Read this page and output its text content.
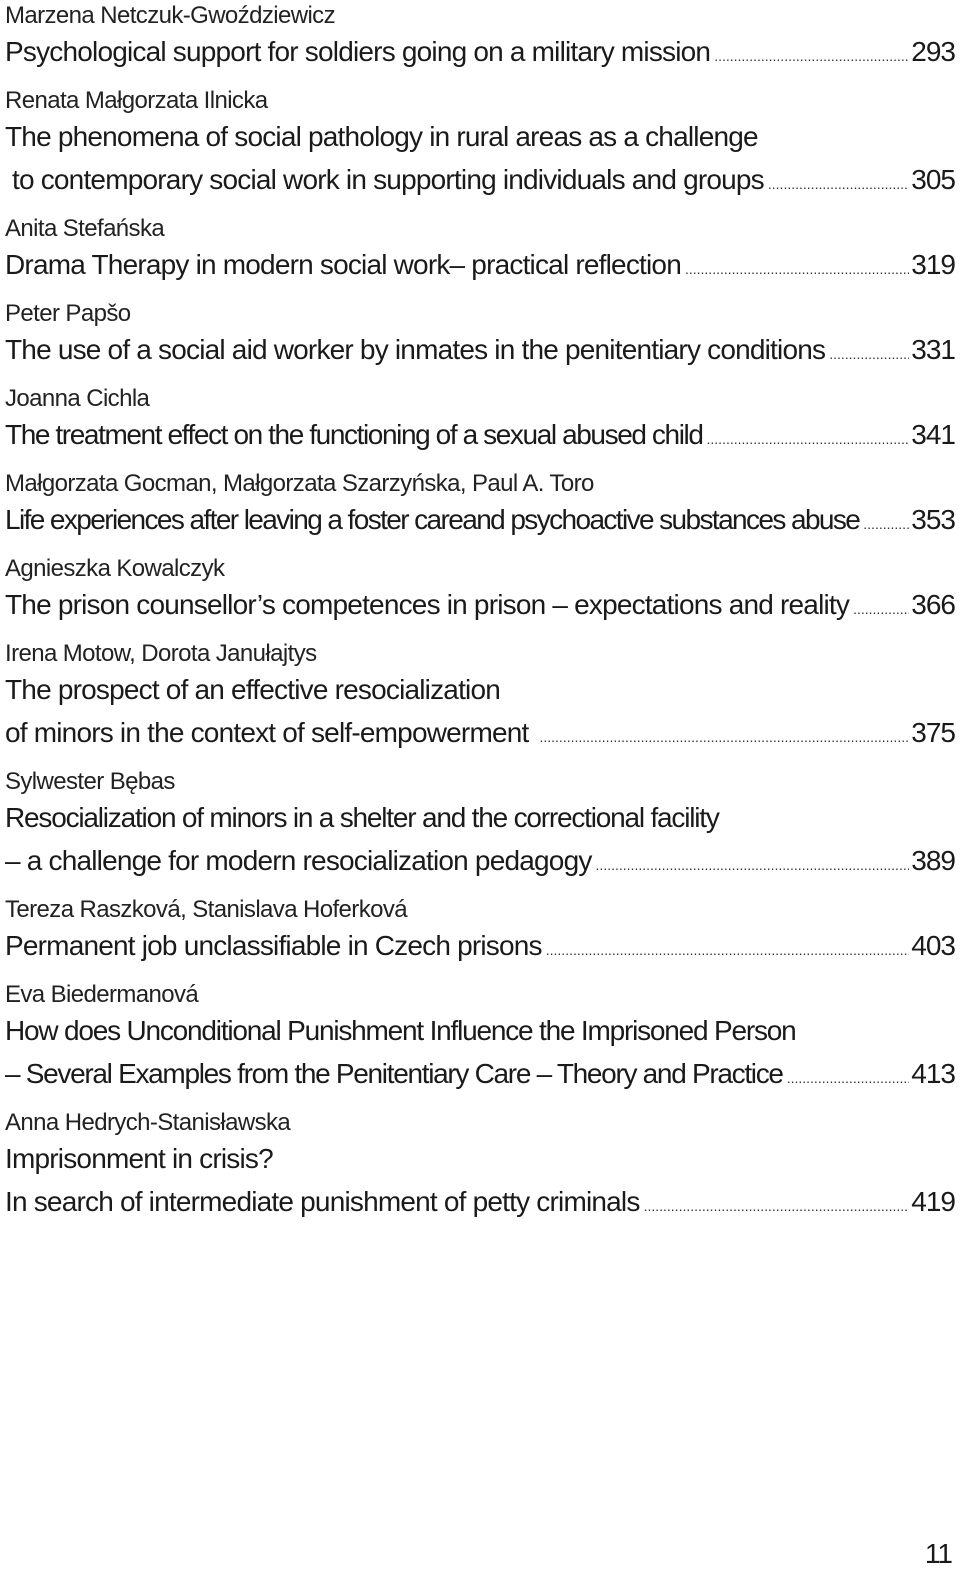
Marzena Netczuk-Gwoździewicz
Psychological support for soldiers going on a military mission .....	293
Renata Małgorzata Ilnicka
The phenomena of social pathology in rural areas as a challenge
to contemporary social work in supporting individuals and groups .....	305
Anita Stefańska
Drama Therapy in modern social work– practical reflection .....	319
Peter Papšo
The use of a social aid worker by inmates in the penitentiary conditions .....	331
Joanna Cichla
The treatment effect on the functioning of a sexual abused child .....	341
Małgorzata Gocman, Małgorzata Szarzyńska, Paul A. Toro
Life experiences after leaving a foster careand psychoactive substances abuse ..... 353
Agnieszka Kowalczyk
The prison counsellor’s competences in prison – expectations and reality ..... 366
Irena Motow, Dorota Janułajtys
The prospect of an effective resocialization
of minors in the context of self-empowerment .....	375
Sylwester Bębas
Resocialization of minors in a shelter and the correctional facility
– a challenge for modern resocialization pedagogy .....	389
Tereza Raszková, Stanislava Hoferková
Permanent job unclassifiable in Czech prisons .....	403
Eva Biedermanová
How does Unconditional Punishment Influence the Imprisoned Person
– Several Examples from the Penitentiary Care – Theory and Practice .....	413
Anna Hedrych-Stanisławska
Imprisonment in crisis?
In search of intermediate punishment of petty criminals .....	419
11
